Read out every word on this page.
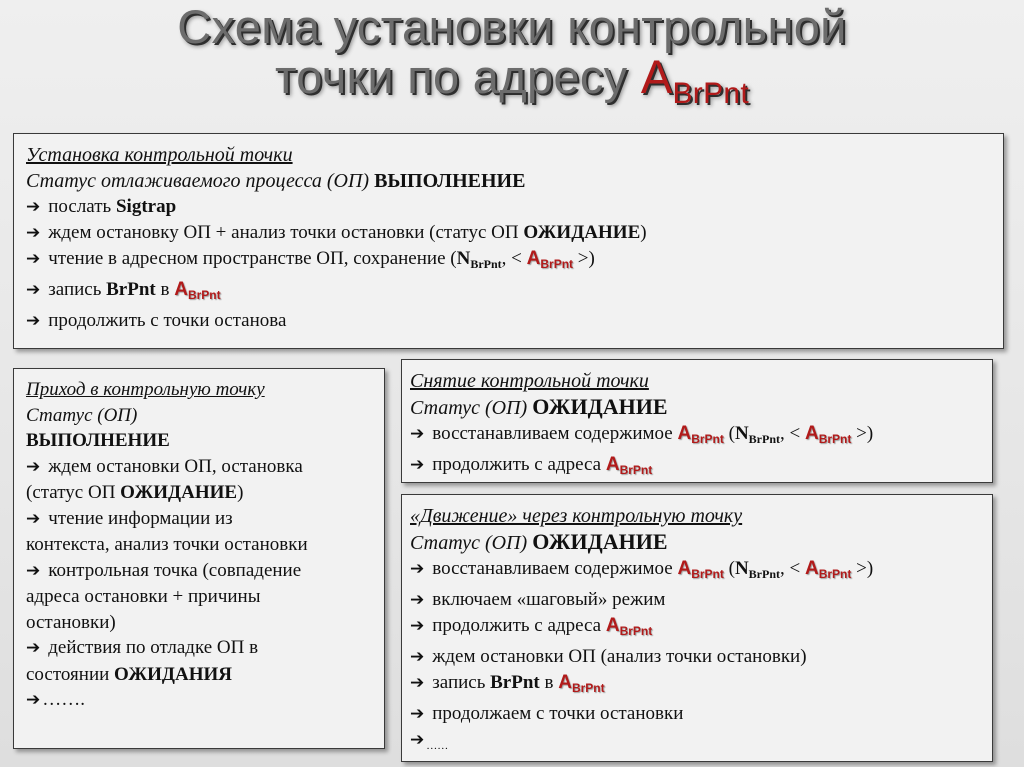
Схема установки контрольной
точки по адресу $A_{BrPnt}$
Установка контрольной точки
Статус отлаживаемого процесса (ОП) ВЫПОЛНЕНИЕ
➔ послать Sigtrap
➔ ждем остановку ОП + анализ точки остановки (статус ОП ОЖИДАНИЕ)
➔ чтение в адресном пространстве ОП, сохранение ($N_{BrPnt}$, < $A_{BrPnt}$ >)
➔ запись BrPnt в $A_{BrPnt}$
➔ продолжить с точки останова
Приход в контрольную точку
Статус (ОП)
ВЫПОЛНЕНИЕ
➔ ждем остановки ОП, остановка
(статус ОП ОЖИДАНИЕ)
➔ чтение информации из
контекста, анализ точки остановки
➔ контрольная точка (совпадение
адреса остановки + причины
остановки)
➔ действия по отладке ОП в
состоянии ОЖИДАНИЯ
➔ …….
Снятие контрольной точки
Статус (ОП) ОЖИДАНИЕ
➔ восстанавливаем содержимое $A_{BrPnt}$ ($N_{BrPnt}$, < $A_{BrPnt}$ >)
➔ продолжить с адреса $A_{BrPnt}$
«Движение» через контрольную точку
Статус (ОП) ОЖИДАНИЕ
➔ восстанавливаем содержимое $A_{BrPnt}$ ($N_{BrPnt}$, < $A_{BrPnt}$ >)
➔ включаем «шаговый» режим
➔ продолжить с адреса $A_{BrPnt}$
➔ ждем остановки ОП (анализ точки остановки)
➔ запись BrPnt в $A_{BrPnt}$
➔ продолжаем с точки остановки
➔ $_{\dots\dots}$
